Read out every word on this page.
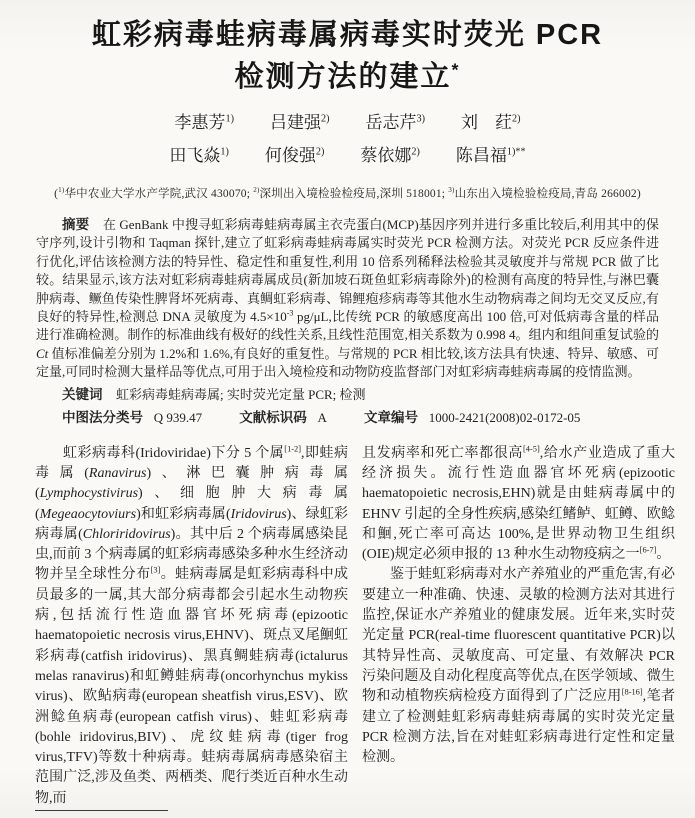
虹彩病毒蛙病毒属病毒实时荧光 PCR
检测方法的建立*
李惠芳$^{1)}$ 吕建强$^{2)}$ 岳志芹$^{3)}$ 刘　荭$^{2)}$
田飞焱$^{1)}$ 何俊强$^{2)}$ 蔡依娜$^{2)}$ 陈昌福$^{1)**}$
($^{1)}$华中农业大学水产学院,武汉 430070; $^{2)}$深圳出入境检验检疫局,深圳 518001; $^{3)}$山东出入境检验检疫局,青岛 266002)

摘要 在 GenBank 中搜寻虹彩病毒蛙病毒属主衣壳蛋白(MCP)基因序列并进行多重比较后,利用其中的保守序列,设计引物和 Taqman 探针,建立了虹彩病毒蛙病毒属实时荧光 PCR 检测方法。对荧光 PCR 反应条件进行优化,评估该检测方法的特异性、稳定性和重复性,利用 10 倍系列稀释法检验其灵敏度并与常规 PCR 做了比较。结果显示,该方法对虹彩病毒蛙病毒属成员(新加坡石斑鱼虹彩病毒除外)的检测有高度的特异性,与淋巴囊肿病毒、鳜鱼传染性脾肾坏死病毒、真鲷虹彩病毒、锦鲤疱疹病毒等其他水生动物病毒之间均无交叉反应,有良好的特异性,检测总 DNA 灵敏度为 $4.5\times 10^{-3}$ pg/μL,比传统 PCR 的敏感度高出 100 倍,可对低病毒含量的样品进行准确检测。制作的标准曲线有极好的线性关系,且线性范围宽,相关系数为 0.998 4。组内和组间重复试验的 Ct 值标准偏差分别为 1.2%和 1.6%,有良好的重复性。与常规的 PCR 相比较,该方法具有快速、特异、敏感、可定量,可同时检测大量样品等优点,可用于出入境检疫和动物防疫监督部门对虹彩病毒蛙病毒属的疫情监测。

关键词 虹彩病毒蛙病毒属; 实时荧光定量 PCR; 检测

中图法分类号 Q 939.47	文献标识码 A	文章编号 1000-2421(2008)02-0172-05

虹彩病毒科(Iridoviridae)下分 5 个属[1-2],即蛙病毒属(Ranavirus)、淋巴囊肿病毒属(Lymphocystivirus)、细胞肿大病毒属(Megeaocytoviurs)和虹彩病毒属(Iridovirus)、绿虹彩病毒属(Chloriridovirus)。其中后 2 个病毒属感染昆虫,而前 3 个病毒属的虹彩病毒感染多种水生经济动物并呈全球性分布[3]。蛙病毒属是虹彩病毒科中成员最多的一属,其大部分病毒都会引起水生动物疾病,包括流行性造血器官坏死病毒(epizootic haematopoietic necrosis virus,EHNV)、斑点叉尾鮰虹彩病毒(catfish iridovirus)、黑真鲷蛙病毒(ictalurus melas ranavirus)和虹鳟蛙病毒(oncorhynchus mykiss virus)、欧鲇病毒(european sheatfish virus,ESV)、欧洲鲶鱼病毒(european catfish virus)、蛙虹彩病毒(bohle iridovirus,BIV)、虎纹蛙病毒(tiger frog virus,TFV)等数十种病毒。蛙病毒属病毒感染宿主范围广泛,涉及鱼类、两栖类、爬行类近百种水生动物,而

且发病率和死亡率都很高[4-5],给水产业造成了重大经济损失。流行性造血器官坏死病(epizootic haematopoietic necrosis,EHN)就是由蛙病毒属中的 EHNV 引起的全身性疾病,感染红鳍鲈、虹鳟、欧鲶和鮰,死亡率可高达 100%,是世界动物卫生组织(OIE)规定必须申报的 13 种水生动物疫病之一[6-7]。

鉴于蛙虹彩病毒对水产养殖业的严重危害,有必要建立一种准确、快速、灵敏的检测方法对其进行监控,保证水产养殖业的健康发展。近年来,实时荧光定量 PCR(real-time fluorescent quantitative PCR)以其特异性高、灵敏度高、可定量、有效解决 PCR 污染问题及自动化程度高等优点,在医学领域、微生物和动植物疾病检疫方面得到了广泛应用[8-16],笔者建立了检测蛙虹彩病毒蛙病毒属的实时荧光定量 PCR 检测方法,旨在对蛙虹彩病毒进行定性和定量检测。
